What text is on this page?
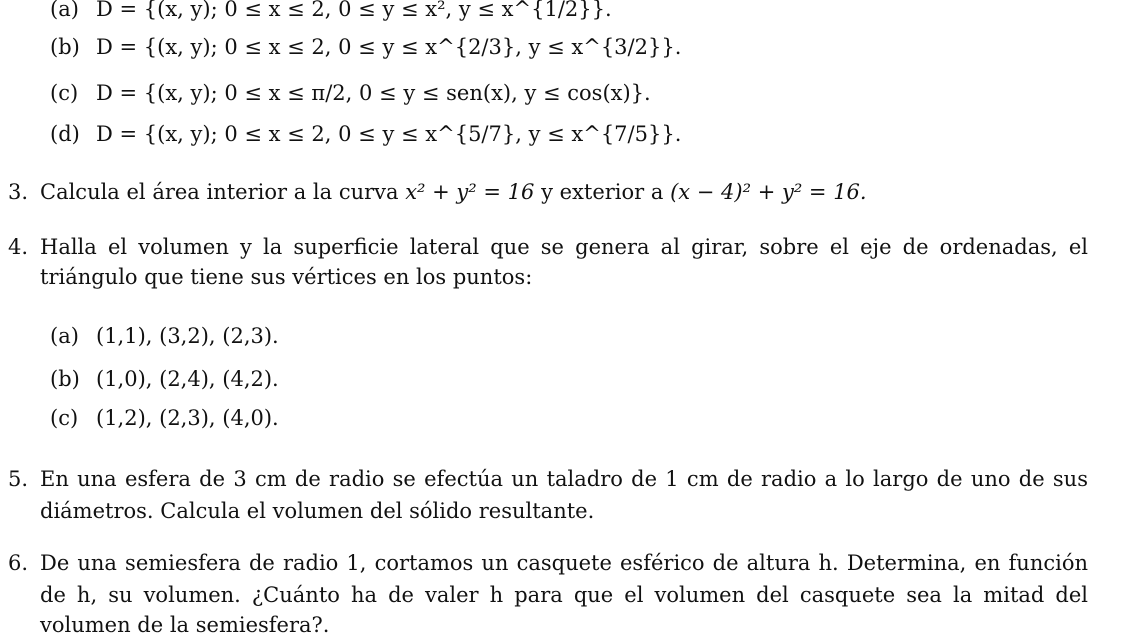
(a) D = {(x, y); 0 ≤ x ≤ 2, 0 ≤ y ≤ x², y ≤ x^{1/2}}.
(b) D = {(x, y); 0 ≤ x ≤ 2, 0 ≤ y ≤ x^{2/3}, y ≤ x^{3/2}}.
(c) D = {(x, y); 0 ≤ x ≤ π/2, 0 ≤ y ≤ sen(x), y ≤ cos(x)}.
(d) D = {(x, y); 0 ≤ x ≤ 2, 0 ≤ y ≤ x^{5/7}, y ≤ x^{7/5}}.
3. Calcula el área interior a la curva x² + y² = 16 y exterior a (x − 4)² + y² = 16.
4. Halla el volumen y la superficie lateral que se genera al girar, sobre el eje de ordenadas, el
triángulo que tiene sus vértices en los puntos:
(a) (1,1), (3,2), (2,3).
(b) (1,0), (2,4), (4,2).
(c) (1,2), (2,3), (4,0).
5. En una esfera de 3 cm de radio se efectúa un taladro de 1 cm de radio a lo largo de uno de sus
diámetros. Calcula el volumen del sólido resultante.
6. De una semiesfera de radio 1, cortamos un casquete esférico de altura h. Determina, en función
de h, su volumen. ¿Cuánto ha de valer h para que el volumen del casquete sea la mitad del
volumen de la semiesfera?.
